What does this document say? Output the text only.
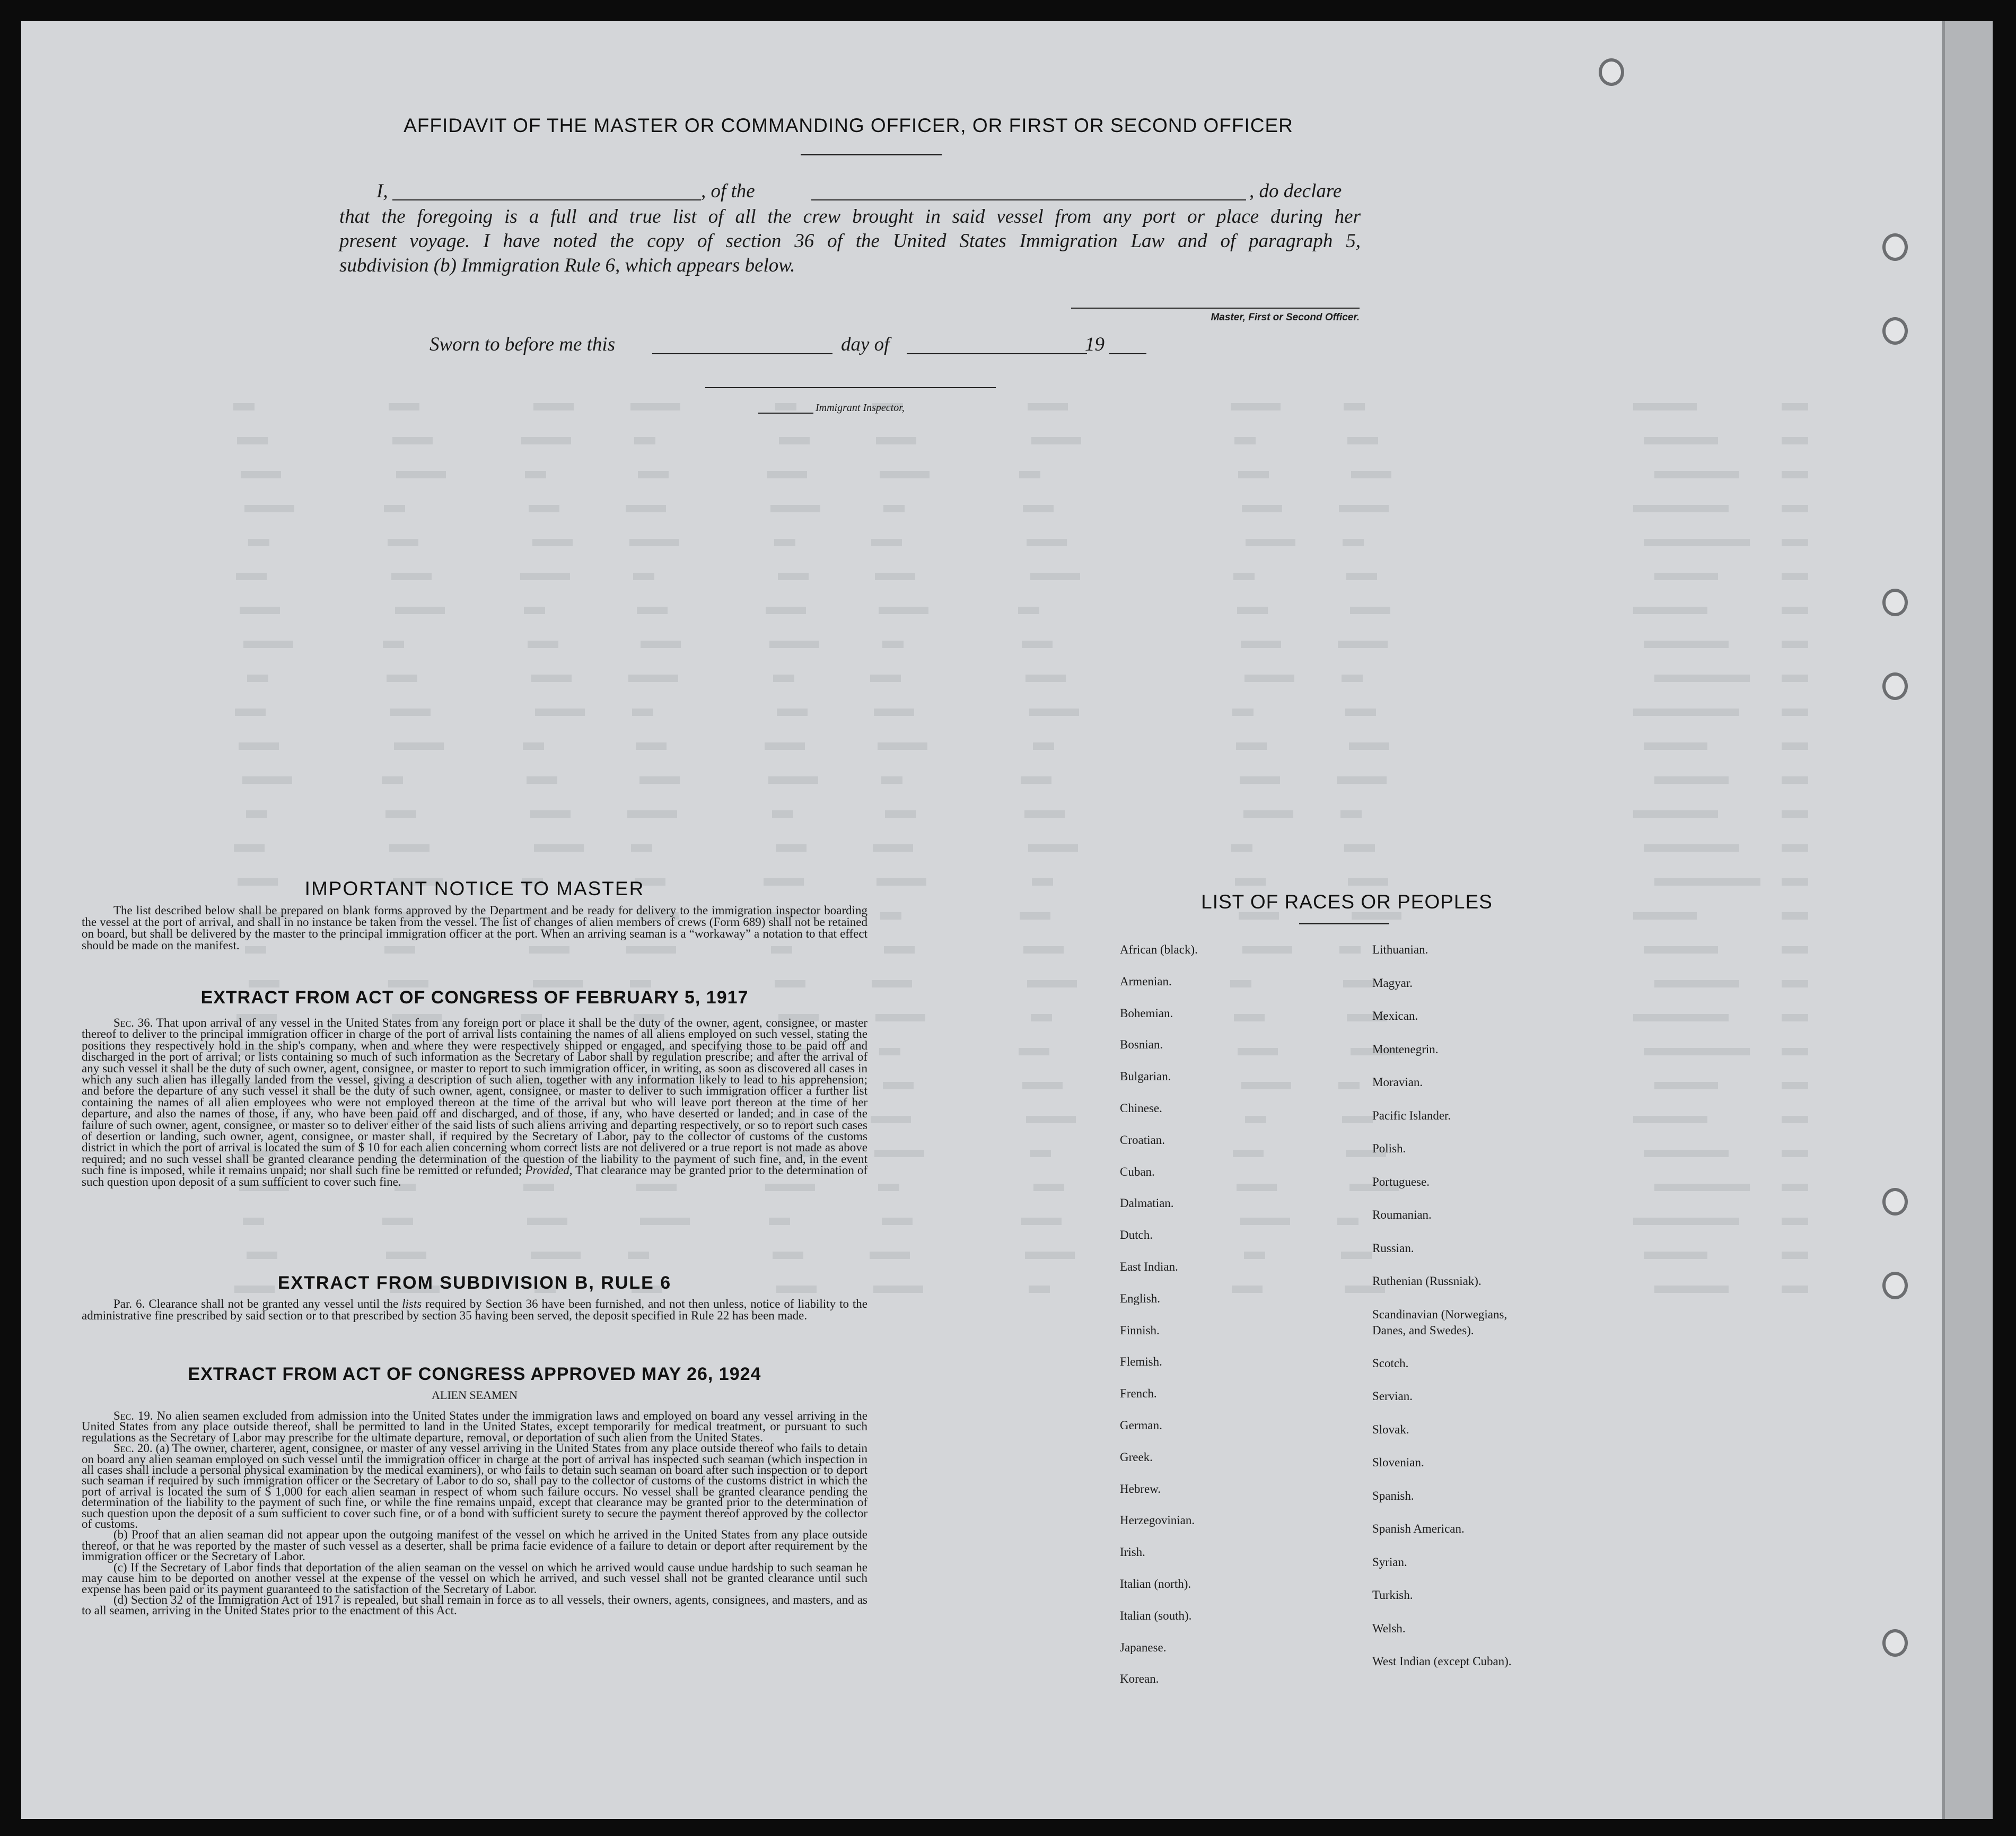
AFFIDAVIT OF THE MASTER OR COMMANDING OFFICER, OR FIRST OR SECOND OFFICER
I,	, of the	, do declare
that the foregoing is a full and true list of all the crew brought in said vessel from any port or place during her
present voyage. I have noted the copy of section 36 of the United States Immigration Law and of paragraph 5,
subdivision (b) Immigration Rule 6, which appears below.
Master, First or Second Officer.
Sworn to before me this	day of	19
Immigrant Inspector,
IMPORTANT NOTICE TO MASTER

The list described below shall be prepared on blank forms approved by the Department and be ready for delivery to the immigration inspector boarding the vessel at the port of arrival, and shall in no instance be taken from the vessel. The list of changes of alien members of crews (Form 689) shall not be retained on board, but shall be delivered by the master to the principal immigration officer at the port. When an arriving seaman is a “workaway” a notation to that effect should be made on the manifest.

EXTRACT FROM ACT OF CONGRESS OF FEBRUARY 5, 1917

Sec. 36. That upon arrival of any vessel in the United States from any foreign port or place it shall be the duty of the owner, agent, consignee, or master thereof to deliver to the principal immigration officer in charge of the port of arrival lists containing the names of all aliens employed on such vessel, stating the positions they respectively hold in the ship's company, when and where they were respectively shipped or engaged, and specifying those to be paid off and discharged in the port of arrival; or lists containing so much of such information as the Secretary of Labor shall by regulation prescribe; and after the arrival of any such vessel it shall be the duty of such owner, agent, consignee, or master to report to such immigration officer, in writing, as soon as discovered all cases in which any such alien has illegally landed from the vessel, giving a description of such alien, together with any information likely to lead to his apprehension; and before the departure of any such vessel it shall be the duty of such owner, agent, consignee, or master to deliver to such immigration officer a further list containing the names of all alien employees who were not employed thereon at the time of the arrival but who will leave port thereon at the time of her departure, and also the names of those, if any, who have been paid off and discharged, and of those, if any, who have deserted or landed; and in case of the failure of such owner, agent, consignee, or master so to deliver either of the said lists of such aliens arriving and departing respectively, or so to report such cases of desertion or landing, such owner, agent, consignee, or master shall, if required by the Secretary of Labor, pay to the collector of customs of the customs district in which the port of arrival is located the sum of $ 10 for each alien concerning whom correct lists are not delivered or a true report is not made as above required; and no such vessel shall be granted clearance pending the determination of the question of the liability to the payment of such fine, and, in the event such fine is imposed, while it remains unpaid; nor shall such fine be remitted or refunded; Provided, That clearance may be granted prior to the determination of such question upon deposit of a sum sufficient to cover such fine.

EXTRACT FROM SUBDIVISION B, RULE 6

Par. 6. Clearance shall not be granted any vessel until the lists required by Section 36 have been furnished, and not then unless, notice of liability to the administrative fine prescribed by said section or to that prescribed by section 35 having been served, the deposit specified in Rule 22 has been made.

EXTRACT FROM ACT OF CONGRESS APPROVED MAY 26, 1924
ALIEN SEAMEN

Sec. 19. No alien seamen excluded from admission into the United States under the immigration laws and employed on board any vessel arriving in the United States from any place outside thereof, shall be permitted to land in the United States, except temporarily for medical treatment, or pursuant to such regulations as the Secretary of Labor may prescribe for the ultimate departure, removal, or deportation of such alien from the United States.

Sec. 20. (a) The owner, charterer, agent, consignee, or master of any vessel arriving in the United States from any place outside thereof who fails to detain on board any alien seaman employed on such vessel until the immigration officer in charge at the port of arrival has inspected such seaman (which inspection in all cases shall include a personal physical examination by the medical examiners), or who fails to detain such seaman on board after such inspection or to deport such seaman if required by such immigration officer or the Secretary of Labor to do so, shall pay to the collector of customs of the customs district in which the port of arrival is located the sum of $ 1,000 for each alien seaman in respect of whom such failure occurs. No vessel shall be granted clearance pending the determination of the liability to the payment of such fine, or while the fine remains unpaid, except that clearance may be granted prior to the determination of such question upon the deposit of a sum sufficient to cover such fine, or of a bond with sufficient surety to secure the payment thereof approved by the collector of customs.

(b) Proof that an alien seaman did not appear upon the outgoing manifest of the vessel on which he arrived in the United States from any place outside thereof, or that he was reported by the master of such vessel as a deserter, shall be prima facie evidence of a failure to detain or deport after requirement by the immigration officer or the Secretary of Labor.

(c) If the Secretary of Labor finds that deportation of the alien seaman on the vessel on which he arrived would cause undue hardship to such seaman he may cause him to be deported on another vessel at the expense of the vessel on which he arrived, and such vessel shall not be granted clearance until such expense has been paid or its payment guaranteed to the satisfaction of the Secretary of Labor.

(d) Section 32 of the Immigration Act of 1917 is repealed, but shall remain in force as to all vessels, their owners, agents, consignees, and masters, and as to all seamen, arriving in the United States prior to the enactment of this Act.

LIST OF RACES OR PEOPLES
African (black).
Armenian.
Bohemian.
Bosnian.
Bulgarian.
Chinese.
Croatian.
Cuban.
Dalmatian.
Dutch.
East Indian.
English.
Finnish.
Flemish.
French.
German.
Greek.
Hebrew.
Herzegovinian.
Irish.
Italian (north).
Italian (south).
Japanese.
Korean.
Lithuanian.
Magyar.
Mexican.
Montenegrin.
Moravian.
Pacific Islander.
Polish.
Portuguese.
Roumanian.
Russian.
Ruthenian (Russniak).
Scandinavian (Norwegians,
Danes, and Swedes).
Scotch.
Servian.
Slovak.
Slovenian.
Spanish.
Spanish American.
Syrian.
Turkish.
Welsh.
West Indian (except Cuban).
